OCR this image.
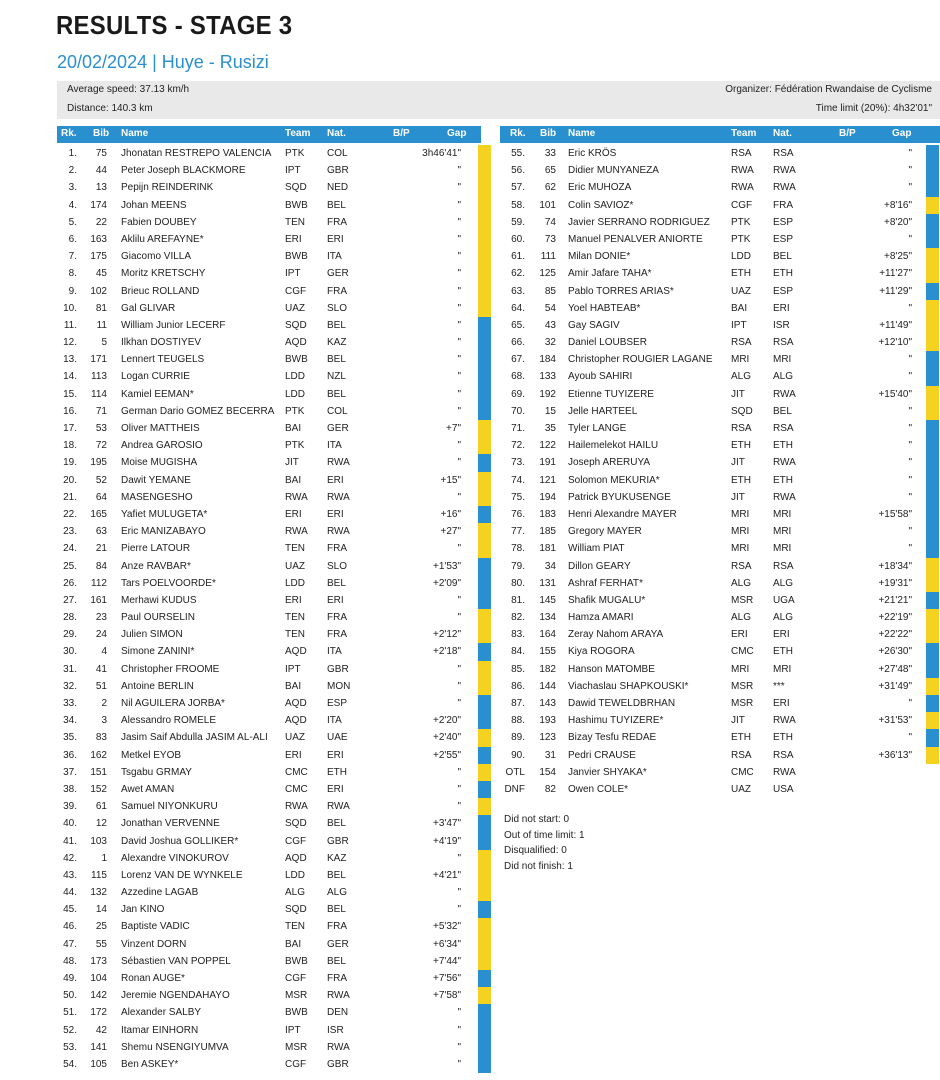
RESULTS - STAGE 3
20/02/2024 | Huye - Rusizi
Average speed: 37.13 km/h
Distance: 140.3 km
Organizer: Fédération Rwandaise de Cyclisme
Time limit (20%): 4h32'01"
Rk. Bib Name	Team Nat.	B/P	Gap	Rk. Bib Name	Team Nat.	B/P	Gap
1.	75 Jhonatan RESTREPO VALENCIA PTK COL	3h46'41"
2.	44 Peter Joseph BLACKMORE	IPT	GBR	"
3.	13 Pepijn REINDERINK	SQD NED	"
4.	174 Johan MEENS	BWB BEL	"
5.	22 Fabien DOUBEY	TEN FRA	"
6.	163 Aklilu AREFAYNE*	ERI	ERI	"
7.	175 Giacomo VILLA	BWB ITA	"
8.	45 Moritz KRETSCHY	IPT	GER	"
9.	102 Brieuc ROLLAND	CGF FRA	"
10.	81 Gal GLIVAR	UAZ SLO	"
11.	11 William Junior LECERF	SQD BEL	"
12.	5 Ilkhan DOSTIYEV	AQD KAZ	"
13.	171 Lennert TEUGELS	BWB BEL	"
14.	113 Logan CURRIE	LDD NZL	"
15.	114 Kamiel EEMAN*	LDD BEL	"
16.	71 German Dario GOMEZ BECERRA PTK COL	"
17.	53 Oliver MATTHEIS	BAI	GER	+7"
18.	72 Andrea GAROSIO	PTK ITA	"
19.	195 Moise MUGISHA	JIT	RWA	"
20.	52 Dawit YEMANE	BAI	ERI	+15"
21.	64 MASENGESHO	RWA RWA	"
22.	165 Yafiet MULUGETA*	ERI	ERI	+16"
23.	63 Eric MANIZABAYO	RWA RWA	+27"
24.	21 Pierre LATOUR	TEN FRA	"
25.	84 Anze RAVBAR*	UAZ SLO	+1'53"
26.	112 Tars POELVOORDE*	LDD BEL	+2'09"
27.	161 Merhawi KUDUS	ERI	ERI	"
28.	23 Paul OURSELIN	TEN FRA	"
29.	24 Julien SIMON	TEN FRA	+2'12"
30.	4 Simone ZANINI*	AQD ITA	+2'18"
31.	41 Christopher FROOME	IPT	GBR	"
32.	51 Antoine BERLIN	BAI	MON	"
33.	2 Nil AGUILERA JORBA*	AQD ESP	"
34.	3 Alessandro ROMELE	AQD ITA	+2'20"
35.	83 Jasim Saif Abdulla JASIM AL-ALI UAZ UAE	+2'40"
36.	162 Metkel EYOB	ERI	ERI	+2'55"
37.	151 Tsgabu GRMAY	CMC ETH	"
38.	152 Awet AMAN	CMC ERI	"
39.	61 Samuel NIYONKURU	RWA RWA	"
40.	12 Jonathan VERVENNE	SQD BEL	+3'47"
41.	103 David Joshua GOLLIKER*	CGF GBR	+4'19"
42.	1 Alexandre VINOKUROV	AQD KAZ	"
43.	115 Lorenz VAN DE WYNKELE	LDD BEL	+4'21"
44.	132 Azzedine LAGAB	ALG ALG	"
45.	14 Jan KINO	SQD BEL	"
46.	25 Baptiste VADIC	TEN FRA	+5'32"
47.	55 Vinzent DORN	BAI	GER	+6'34"
48.	173 Sébastien VAN POPPEL	BWB BEL	+7'44"
49.	104 Ronan AUGE*	CGF FRA	+7'56"
50.	142 Jeremie NGENDAHAYO	MSR RWA	+7'58"
51.	172 Alexander SALBY	BWB DEN	"
52.	42 Itamar EINHORN	IPT	ISR	"
53.	141 Shemu NSENGIYUMVA	MSR RWA	"
54.	105 Ben ASKEY*	CGF GBR	"
55.	33 Eric KRÖS	RSA RSA	"
56.	65 Didier MUNYANEZA	RWA RWA	"
57.	62 Eric MUHOZA	RWA RWA	"
58.	101 Colin SAVIOZ*	CGF FRA	+8'16"
59.	74 Javier SERRANO RODRIGUEZ PTK ESP	+8'20"
60.	73 Manuel PENALVER ANIORTE	PTK ESP	"
61.	111 Milan DONIE*	LDD BEL	+8'25"
62.	125 Amir Jafare TAHA*	ETH ETH	+11'27"
63.	85 Pablo TORRES ARIAS*	UAZ ESP	+11'29"
64.	54 Yoel HABTEAB*	BAI	ERI	"
65.	43 Gay SAGIV	IPT	ISR	+11'49"
66.	32 Daniel LOUBSER	RSA RSA	+12'10"
67.	184 Christopher ROUGIER LAGANE MRI MRI	"
68.	133 Ayoub SAHIRI	ALG ALG	"
69.	192 Etienne TUYIZERE	JIT	RWA	+15'40"
70.	15 Jelle HARTEEL	SQD BEL	"
71.	35 Tyler LANGE	RSA RSA	"
72.	122 Hailemelekot HAILU	ETH ETH	"
73.	191 Joseph ARERUYA	JIT	RWA	"
74.	121 Solomon MEKURIA*	ETH ETH	"
75.	194 Patrick BYUKUSENGE	JIT	RWA	"
76.	183 Henri Alexandre MAYER	MRI MRI	+15'58"
77.	185 Gregory MAYER	MRI MRI	"
78.	181 William PIAT	MRI MRI	"
79.	34 Dillon GEARY	RSA RSA	+18'34"
80.	131 Ashraf FERHAT*	ALG ALG	+19'31"
81.	145 Shafik MUGALU*	MSR UGA	+21'21"
82.	134 Hamza AMARI	ALG ALG	+22'19"
83.	164 Zeray Nahom ARAYA	ERI	ERI	+22'22"
84.	155 Kiya ROGORA	CMC ETH	+26'30"
85.	182 Hanson MATOMBE	MRI MRI	+27'48"
86.	144 Viachaslau SHAPKOUSKI*	MSR ***	+31'49"
87.	143 Dawid TEWELDBRHAN	MSR ERI	"
88.	193 Hashimu TUYIZERE*	JIT	RWA	+31'53"
89.	123 Bizay Tesfu REDAE	ETH ETH	"
90.	31 Pedri CRAUSE	RSA RSA	+36'13"
OTL	154 Janvier SHYAKA*	CMC RWA
DNF	82 Owen COLE*	UAZ USA
Did not start: 0
Out of time limit: 1
Disqualified: 0
Did not finish: 1
